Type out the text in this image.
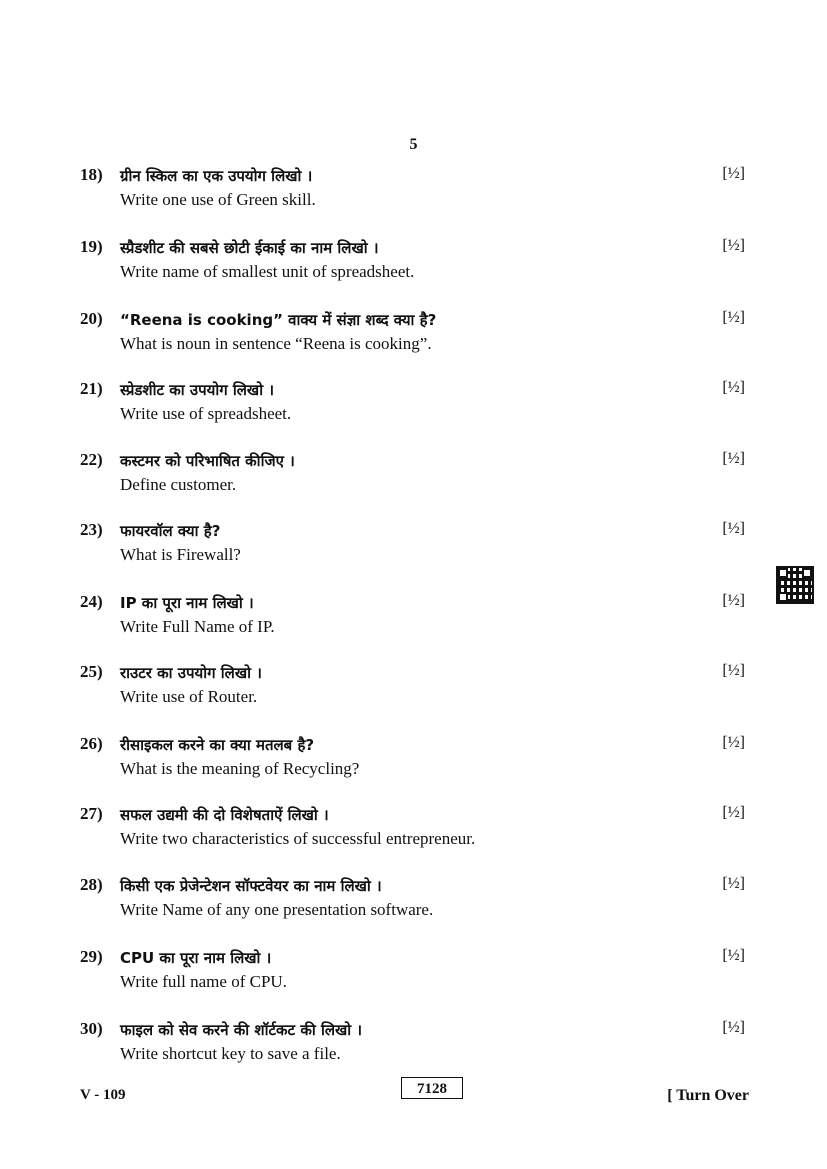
5
18) ग्रीन स्किल का एक उपयोग लिखो ।
Write one use of Green skill.
[½]
19) स्प्रैडशीट की सबसे छोटी ईकाई का नाम लिखो ।
Write name of smallest unit of spreadsheet.
[½]
20) “Reena is cooking” वाक्य में संज्ञा शब्द क्या है?
What is noun in sentence “Reena is cooking”.
[½]
21) स्प्रेडशीट का उपयोग लिखो ।
Write use of spreadsheet.
[½]
22) कस्टमर को परिभाषित कीजिए ।
Define customer.
[½]
23) फायरवॉल क्या है?
What is Firewall?
[½]
24) IP का पूरा नाम लिखो ।
Write Full Name of IP.
[½]
25) राउटर का उपयोग लिखो ।
Write use of Router.
[½]
26) रीसाइकल करने का क्या मतलब है?
What is the meaning of Recycling?
[½]
27) सफल उद्यमी की दो विशेषताऐं लिखो ।
Write two characteristics of successful entrepreneur.
[½]
28) किसी एक प्रेजेन्टेशन सॉफ्टवेयर का नाम लिखो ।
Write Name of any one presentation software.
[½]
29) CPU का पूरा नाम लिखो ।
Write full name of CPU.
[½]
30) फाइल को सेव करने की शॉर्टकट की लिखो ।
Write shortcut key to save a file.
[½]
V - 109	7128	[ Turn Over
